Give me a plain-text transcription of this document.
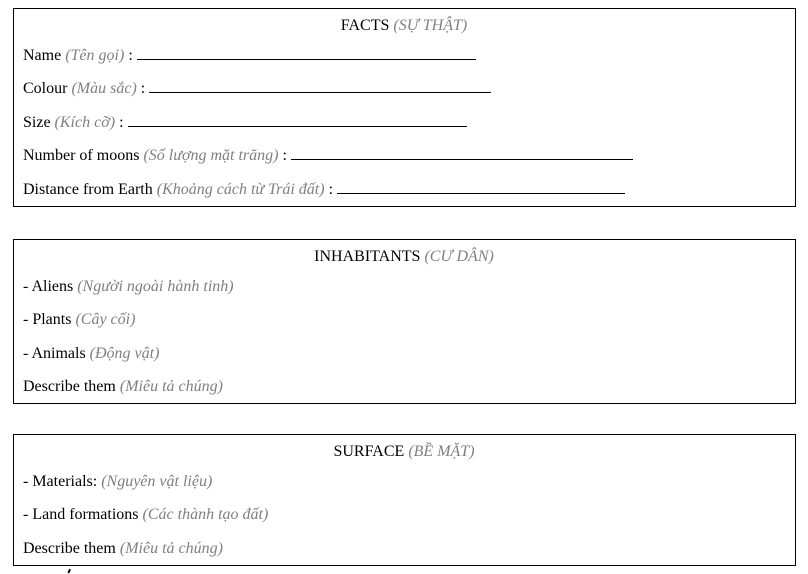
FACTS (SỰ THẬT)
Name (Tên gọi) :
Colour (Màu sắc) :
Size (Kích cỡ) :
Number of moons (Số lượng mặt trăng) :
Distance from Earth (Khoảng cách từ Trái đất) :
INHABITANTS (CƯ DÂN)
- Aliens (Người ngoài hành tinh)
- Plants (Cây cối)
- Animals (Động vật)
Describe them (Miêu tả chúng)
SURFACE (BỀ MẶT)
- Materials: (Nguyên vật liệu)
- Land formations (Các thành tạo đất)
Describe them (Miêu tả chúng)
